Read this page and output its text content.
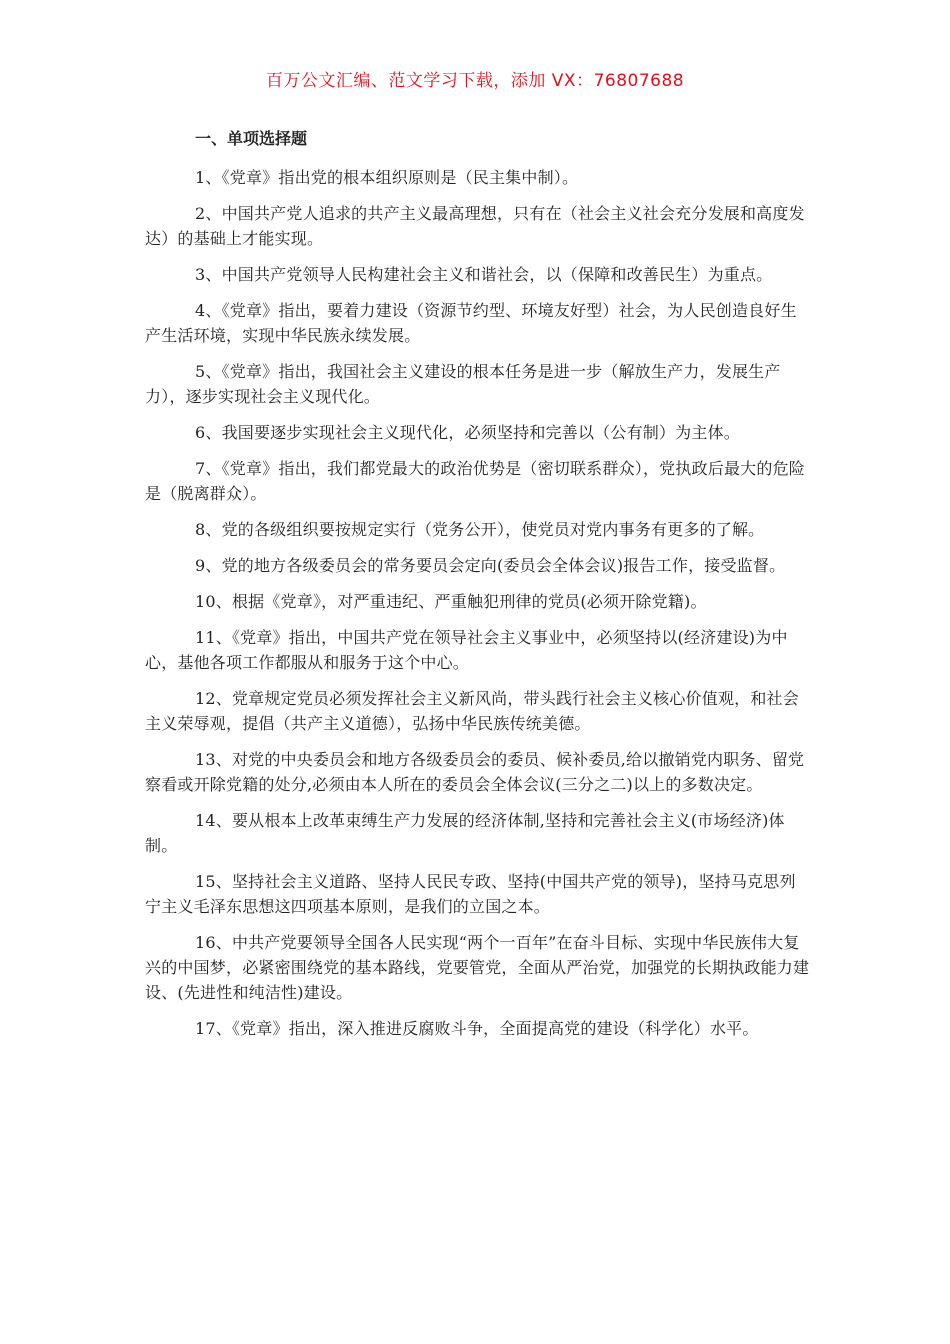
百万公文汇编、范文学习下载，添加 VX：76807688
一、单项选择题

1、《党章》指出党的根本组织原则是（民主集中制）。

2、中国共产党人追求的共产主义最高理想，只有在（社会主义社会充分发展和高度发达）的基础上才能实现。

3、中国共产党领导人民构建社会主义和谐社会，以（保障和改善民生）为重点。

4、《党章》指出，要着力建设（资源节约型、环境友好型）社会，为人民创造良好生产生活环境，实现中华民族永续发展。

5、《党章》指出，我国社会主义建设的根本任务是进一步（解放生产力，发展生产力），逐步实现社会主义现代化。

6、我国要逐步实现社会主义现代化，必须坚持和完善以（公有制）为主体。

7、《党章》指出，我们都党最大的政治优势是（密切联系群众），党执政后最大的危险是（脱离群众）。

8、党的各级组织要按规定实行（党务公开），使党员对党内事务有更多的了解。

9、党的地方各级委员会的常务要员会定向(委员会全体会议)报告工作，接受监督。

10、根据《党章》，对严重违纪、严重触犯刑律的党员(必须开除党籍)。

11、《党章》指出，中国共产党在领导社会主义事业中，必须坚持以(经济建设)为中心，基他各项工作都服从和服务于这个中心。

12、党章规定党员必须发挥社会主义新风尚，带头践行社会主义核心价值观，和社会主义荣辱观，提倡（共产主义道德），弘扬中华民族传统美德。

13、对党的中央委员会和地方各级委员会的委员、候补委员,给以撤销党内职务、留党察看或开除党籍的处分,必须由本人所在的委员会全体会议(三分之二)以上的多数决定。

14、要从根本上改革束缚生产力发展的经济体制,坚持和完善社会主义(市场经济)体制。

15、坚持社会主义道路、坚持人民民专政、坚持(中国共产党的领导)，坚持马克思列宁主义毛泽东思想这四项基本原则，是我们的立国之本。

16、中共产党要领导全国各人民实现“两个一百年”在奋斗目标、实现中华民族伟大复兴的中国梦，必紧密围绕党的基本路线，党要管党，全面从严治党，加强党的长期执政能力建设、(先进性和纯洁性)建设。

17、《党章》指出，深入推进反腐败斗争，全面提高党的建设（科学化）水平。
